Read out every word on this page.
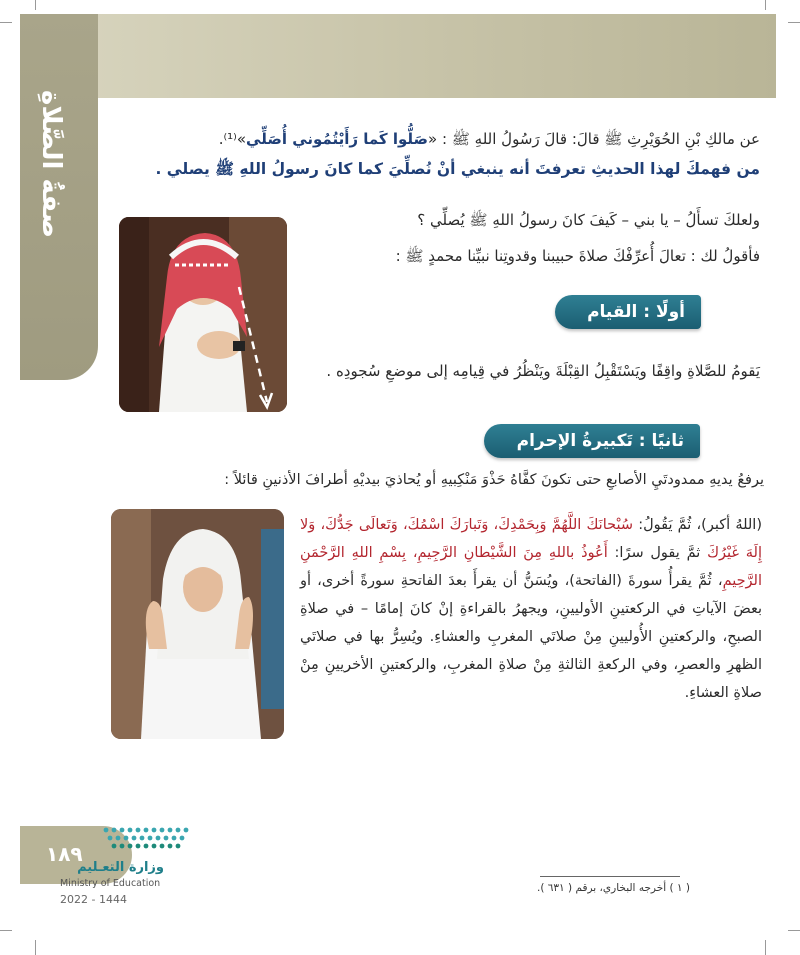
صفةُ الصَّلاةِ	عن مالكِ بْنِ الحُوَيْرِثِ ﷺ قالَ: قالَ رَسُولُ اللهِ ﷺ : «صَلُّوا كَما رَأَيْتُمُوني أُصَلِّي»⁽¹⁾.
من فهمكَ لهذا الحديثِ تعرفتَ أنه ينبغي أنْ نُصلِّيَ كما كانَ رسولُ اللهِ ﷺ يصلي .
ولعلكَ تسأَلُ – يا بني – كَيفَ كانَ رسولُ اللهِ ﷺ يُصلِّي ؟
فأقولُ لك : تعالَ أُعرِّفْكَ صلاةَ حبيبنا وقدوتِنا نبيِّنا محمدٍ ﷺ :
أولًا : القيام
يَقومُ للصَّلاةِ واقِفًا ويَسْتَقْبِلُ القِبْلَةَ ويَنْظُرُ في قِيامِه إلى موضعِ سُجودِه .
ثانيًا : تَكبيرةُ الإحرام
يرفعُ يديهِ ممدودتَيِ الأصابعِ حتى تكونَ كفَّاهُ حَذْوَ مَنْكِبيهِ أو يُحاذيَ بيديْهِ أطرافَ الأذنينِ قائلاً :
(اللهُ أكبر)، ثُمَّ يَقُولُ: سُبْحانَكَ اللَّهُمَّ وَبِحَمْدِكَ، وَتَبارَكَ اسْمُكَ، وَتَعالَى جَدُّكَ، وَلا إِلَهَ غَيْرُكَ ثمَّ يقول سرًا: أَعُوذُ باللهِ مِنَ الشَّيْطانِ الرَّجِيمِ، بِسْمِ اللهِ الرَّحْمَنِ الرَّحِيمِ، ثُمَّ يقرأُ سورةَ (الفاتحة)، ويُسَنُّ أن يقرأَ بعدَ الفاتحةِ سورةً أخرى، أو بعضَ الآياتِ في الركعتينِ الأوليينِ، ويجهرُ بالقراءةِ إنْ كانَ إمامًا – في صلاةِ الصبحِ، والركعتينِ الأُوليينِ مِنْ صلاتَي المغربِ والعشاءِ. ويُسِرُّ بها في صلاتَي الظهرِ والعصرِ، وفي الركعةِ الثالثةِ مِنْ صلاةِ المغربِ، والركعتينِ الأخريينِ مِنْ صلاةِ العشاءِ.
١٨٩
وزارة التعـليم
Ministry of Education
2022 - 1444
( ١ ) أخرجه البخاري، برقم ( ٦٣١ ).
